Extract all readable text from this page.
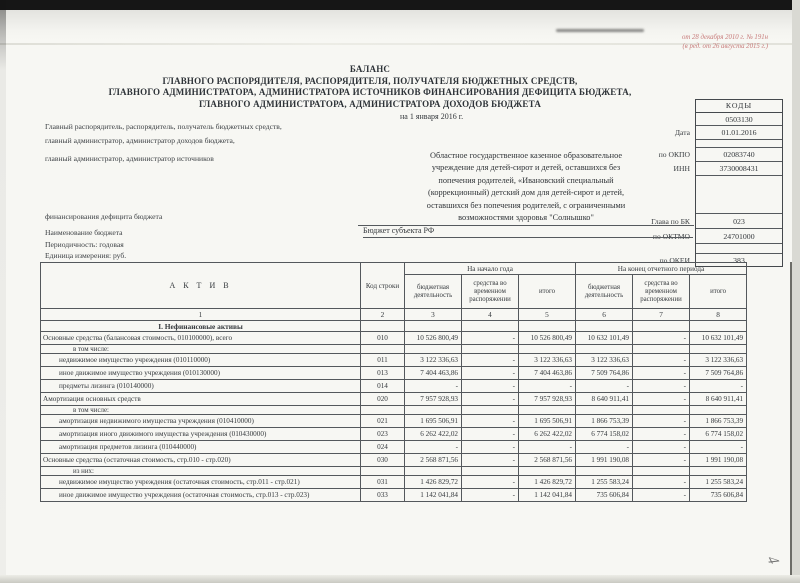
от 28 декабря 2010 г. № 191н
(в ред. от 26 августа 2015 г.)
БАЛАНС
ГЛАВНОГО РАСПОРЯДИТЕЛЯ, РАСПОРЯДИТЕЛЯ, ПОЛУЧАТЕЛЯ БЮДЖЕТНЫХ СРЕДСТВ,
ГЛАВНОГО АДМИНИСТРАТОРА, АДМИНИСТРАТОРА ИСТОЧНИКОВ ФИНАНСИРОВАНИЯ ДЕФИЦИТА БЮДЖЕТА,
ГЛАВНОГО АДМИНИСТРАТОРА, АДМИНИСТРАТОРА ДОХОДОВ БЮДЖЕТА	КОДЫ
0503130
Дата	01.01.2016
по ОКПО	02083740
ИНН	3730008431
Глава по БК	023
по ОКТМО	24701000
по ОКЕИ	383
на 1 января 2016 г.
Главный распорядитель, распорядитель, получатель бюджетных средств,
главный администратор, администратор доходов бюджета,
главный администратор, администратор источников
финансирования дефицита бюджета
Наименование бюджета
Периодичность: годовая
Единица измерения: руб.
Областное государственное казенное образовательное
учреждение для детей-сирот и детей, оставшихся без
попечения родителей, «Ивановский специальный
(коррекционный) детский дом для детей-сирот и детей,
оставшихся без попечения родителей, с ограниченными
возможностями здоровья "Солнышко"
Бюджет субъекта РФ
А К Т И В	Код строки	На начало года			На конец отчетного периода		
		бюджетная деятельность	средства во временном распоряжении	итого	бюджетная деятельность	средства во временном распоряжении	итого
1	2	3	4	5	6	7	8
I. Нефинансовые активы							
Основные средства (балансовая стоимость, 010100000), всего	010	10 526 800,49	-	10 526 800,49	10 632 101,49	-	10 632 101,49
в том числе:							
недвижимое имущество учреждения (010110000)	011	3 122 336,63	-	3 122 336,63	3 122 336,63	-	3 122 336,63
иное движимое имущество учреждения (010130000)	013	7 404 463,86	-	7 404 463,86	7 509 764,86	-	7 509 764,86
предметы лизинга (010140000)	014	-	-	-	-	-	-
Амортизация основных средств	020	7 957 928,93	-	7 957 928,93	8 640 911,41	-	8 640 911,41
в том числе:							
амортизация недвижимого имущества учреждения (010410000)	021	1 695 506,91	-	1 695 506,91	1 866 753,39	-	1 866 753,39
амортизация иного движимого имущества учреждения (010430000)	023	6 262 422,02	-	6 262 422,02	6 774 158,02	-	6 774 158,02
амортизация предметов лизинга (010440000)	024	-	-	-	-	-	-
Основные средства (остаточная стоимость, стр.010 - стр.020)	030	2 568 871,56	-	2 568 871,56	1 991 190,08	-	1 991 190,08
из них:							
недвижимое имущество учреждения (остаточная стоимость, стр.011 - стр.021)	031	1 426 829,72	-	1 426 829,72	1 255 583,24	-	1 255 583,24
иное движимое имущество учреждения (остаточная стоимость, стр.013 - стр.023)	033	1 142 041,84	-	1 142 041,84	735 606,84	-	735 606,84
4
